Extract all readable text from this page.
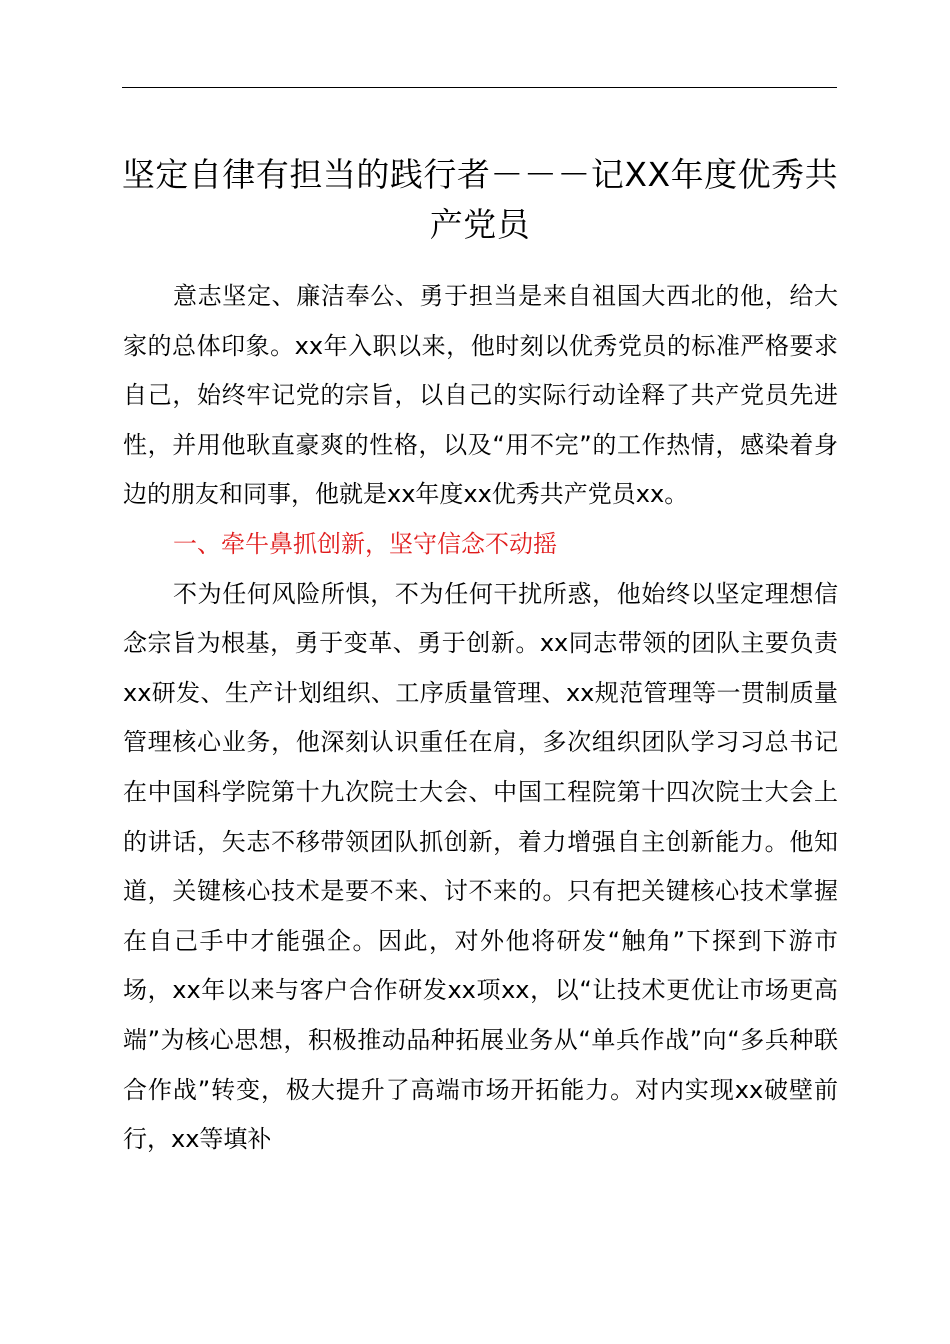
坚定自律有担当的践行者－－－记XX年度优秀共产党员

意志坚定、廉洁奉公、勇于担当是来自祖国大西北的他，给大家的总体印象。xx年入职以来，他时刻以优秀党员的标准严格要求自己，始终牢记党的宗旨，以自己的实际行动诠释了共产党员先进性，并用他耿直豪爽的性格，以及“用不完”的工作热情，感染着身边的朋友和同事，他就是xx年度xx优秀共产党员xx。

一、牵牛鼻抓创新，坚守信念不动摇

不为任何风险所惧，不为任何干扰所惑，他始终以坚定理想信念宗旨为根基，勇于变革、勇于创新。xx同志带领的团队主要负责xx研发、生产计划组织、工序质量管理、xx规范管理等一贯制质量管理核心业务，他深刻认识重任在肩，多次组织团队学习习总书记在中国科学院第十九次院士大会、中国工程院第十四次院士大会上的讲话，矢志不移带领团队抓创新，着力增强自主创新能力。他知道，关键核心技术是要不来、讨不来的。只有把关键核心技术掌握在自己手中才能强企。因此，对外他将研发“触角”下探到下游市场，xx年以来与客户合作研发xx项xx，以“让技术更优让市场更高端”为核心思想，积极推动品种拓展业务从“单兵作战”向“多兵种联合作战”转变，极大提升了高端市场开拓能力。对内实现xx破壁前行，xx等填补
